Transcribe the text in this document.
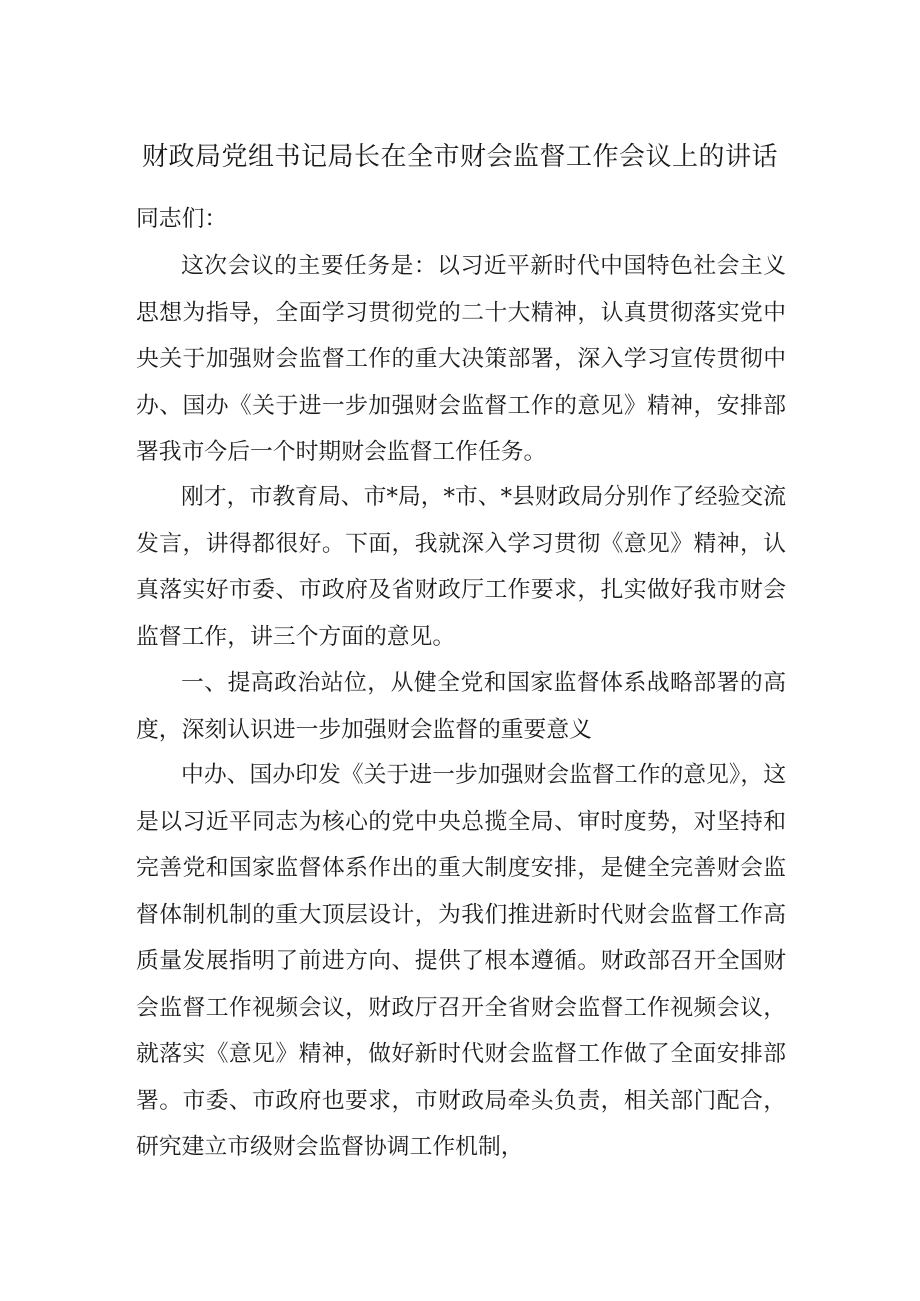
财政局党组书记局长在全市财会监督工作会议上的讲话
同志们：
这次会议的主要任务是：以习近平新时代中国特色社会主义思想为指导，全面学习贯彻党的二十大精神，认真贯彻落实党中央关于加强财会监督工作的重大决策部署，深入学习宣传贯彻中办、国办《关于进一步加强财会监督工作的意见》精神，安排部署我市今后一个时期财会监督工作任务。
刚才，市教育局、市*局，*市、*县财政局分别作了经验交流发言，讲得都很好。下面，我就深入学习贯彻《意见》精神，认真落实好市委、市政府及省财政厅工作要求，扎实做好我市财会监督工作，讲三个方面的意见。
一、提高政治站位，从健全党和国家监督体系战略部署的高度，深刻认识进一步加强财会监督的重要意义
中办、国办印发《关于进一步加强财会监督工作的意见》，这是以习近平同志为核心的党中央总揽全局、审时度势，对坚持和完善党和国家监督体系作出的重大制度安排，是健全完善财会监督体制机制的重大顶层设计，为我们推进新时代财会监督工作高质量发展指明了前进方向、提供了根本遵循。财政部召开全国财会监督工作视频会议，财政厅召开全省财会监督工作视频会议，就落实《意见》精神，做好新时代财会监督工作做了全面安排部署。市委、市政府也要求，市财政局牵头负责，相关部门配合，研究建立市级财会监督协调工作机制，
